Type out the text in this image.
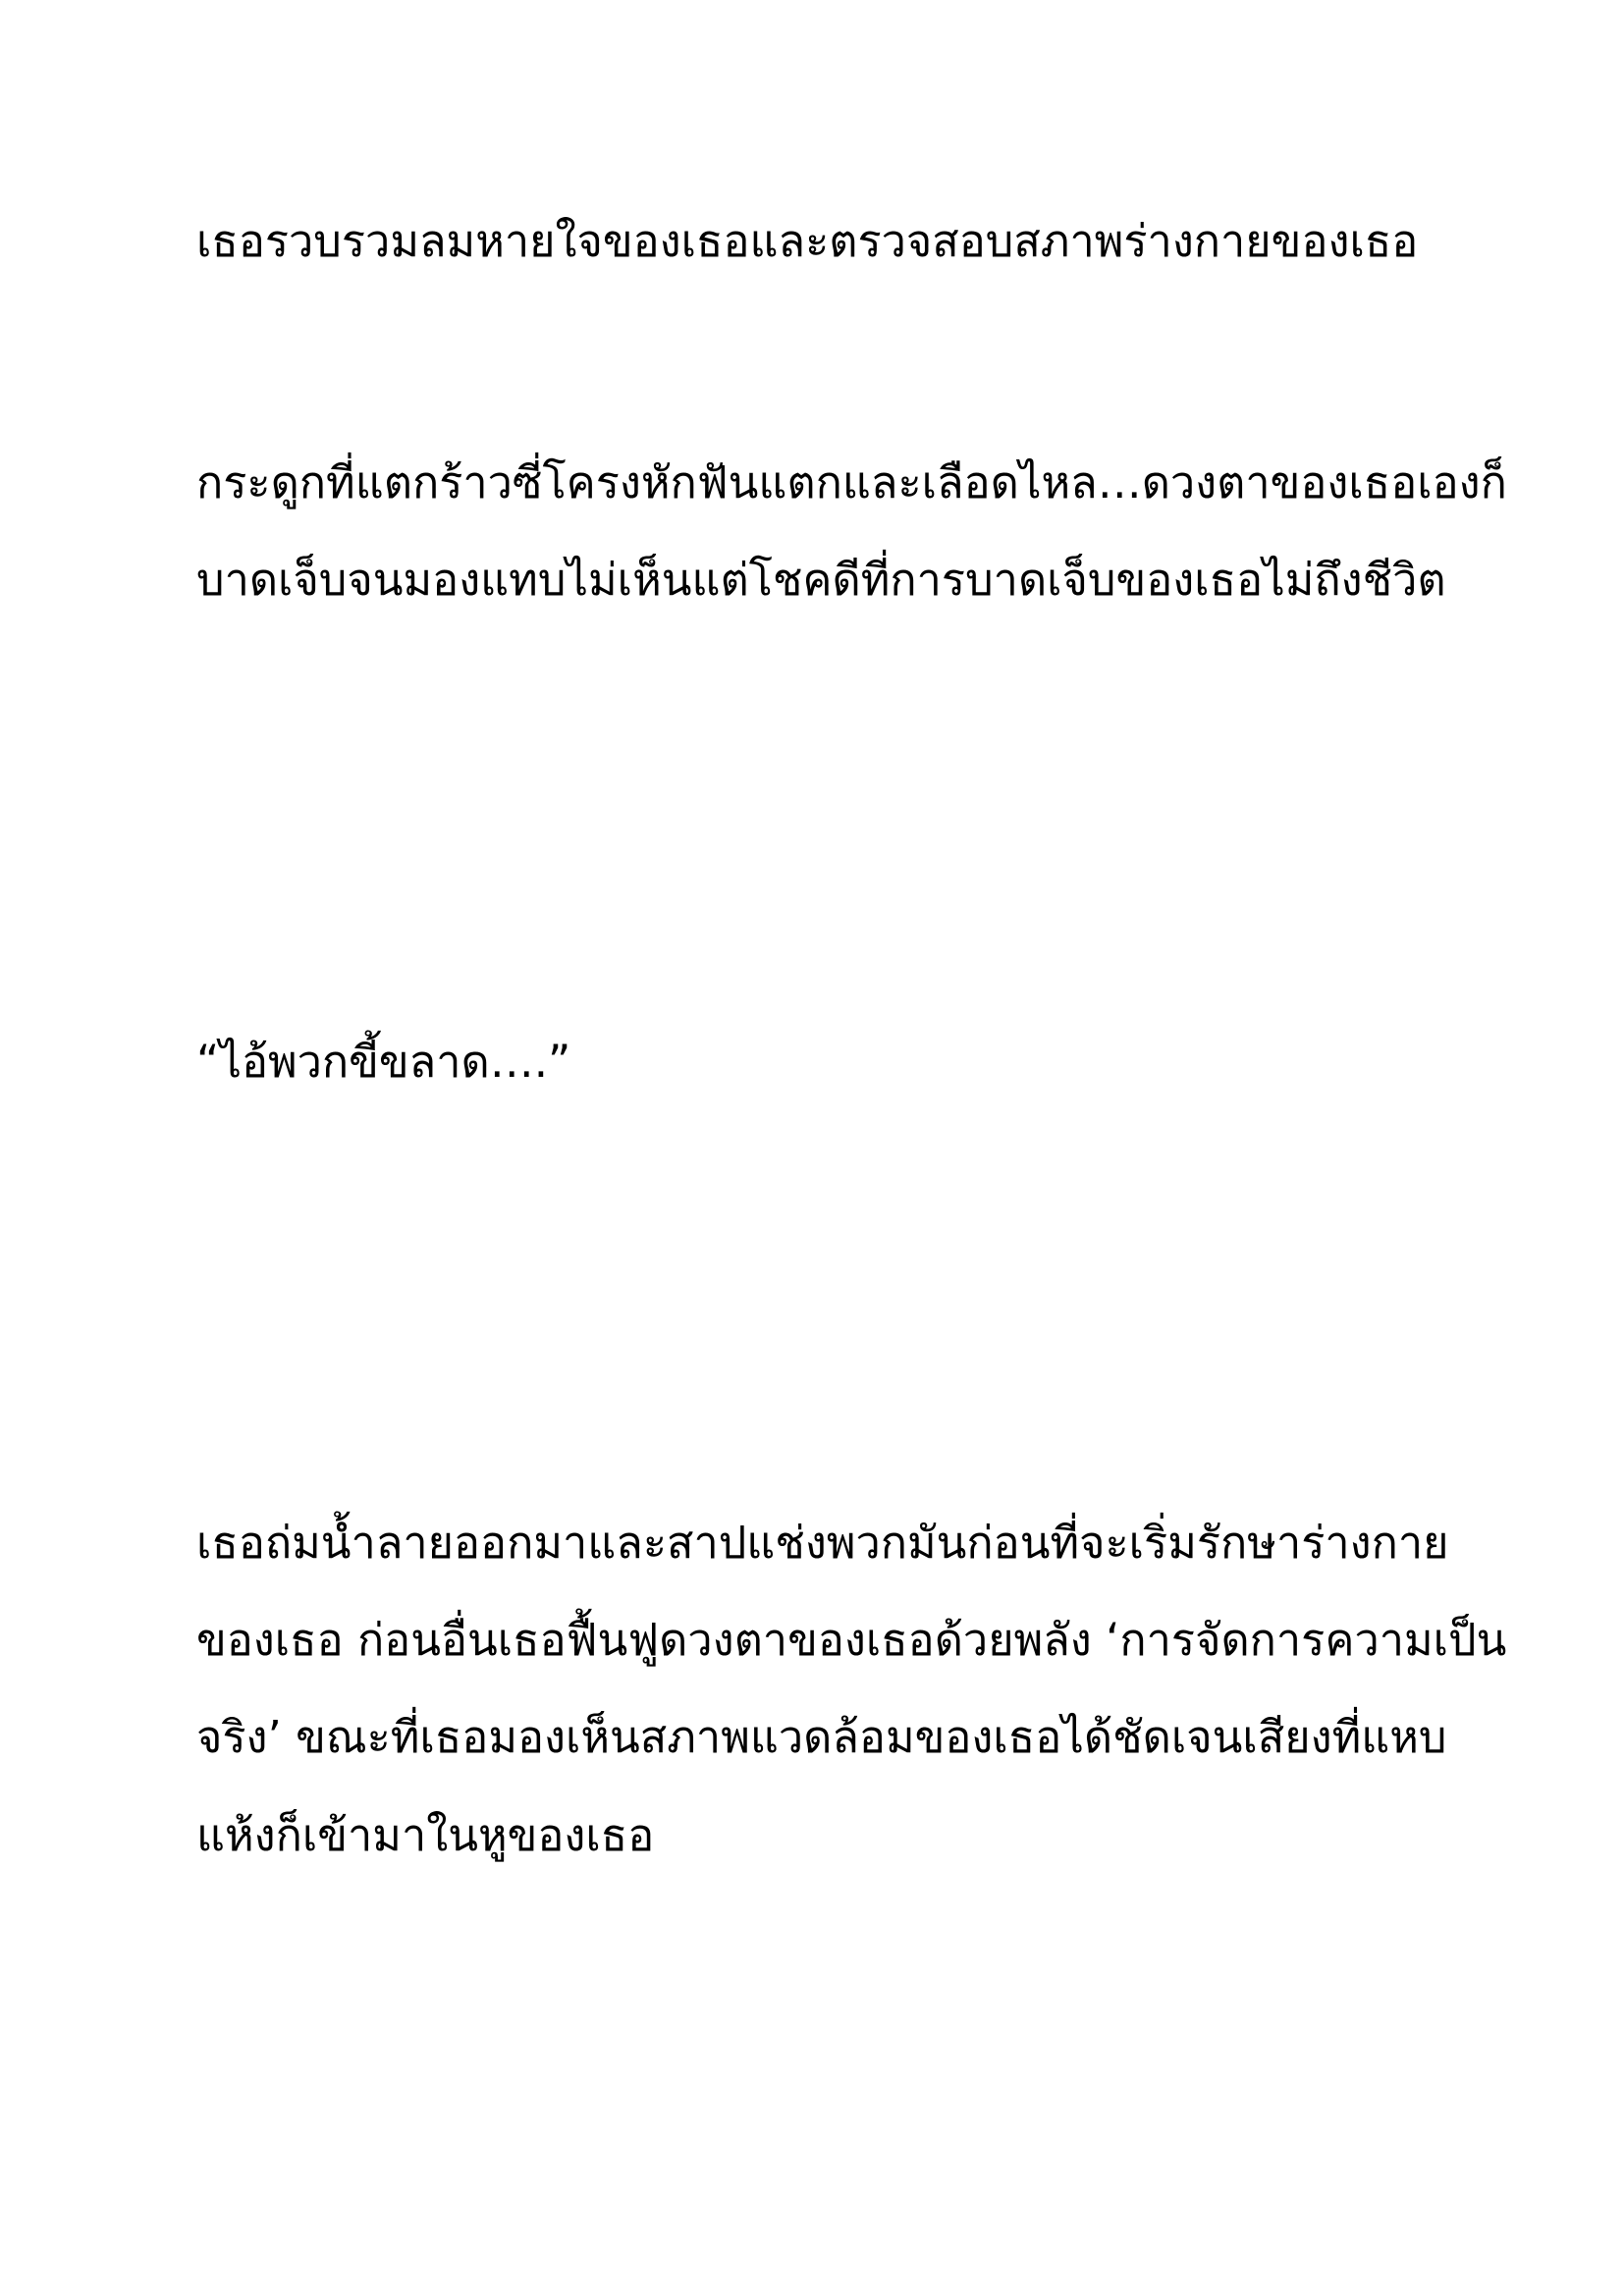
เธอรวบรวมลมหายใจของเธอและตรวจสอบสภาพร่างกายของเธอ

กระดูกที่แตกร้าวซี่โครงหักฟันแตกและเลือดไหล…ดวงตาของเธอเองก็

บาดเจ็บจนมองแทบไม่เห็นแต่โชคดีที่การบาดเจ็บของเธอไม่ถึงชีวิต

“ไอ้พวกขี้ขลาด….”

เธอถ่มน้ำลายออกมาและสาปแช่งพวกมันก่อนที่จะเริ่มรักษาร่างกาย

ของเธอ ก่อนอื่นเธอฟื้นฟูดวงตาของเธอด้วยพลัง ‘การจัดการความเป็น

จริง’ ขณะที่เธอมองเห็นสภาพแวดล้อมของเธอได้ชัดเจนเสียงที่แหบ

แห้งก็เข้ามาในหูของเธอ
